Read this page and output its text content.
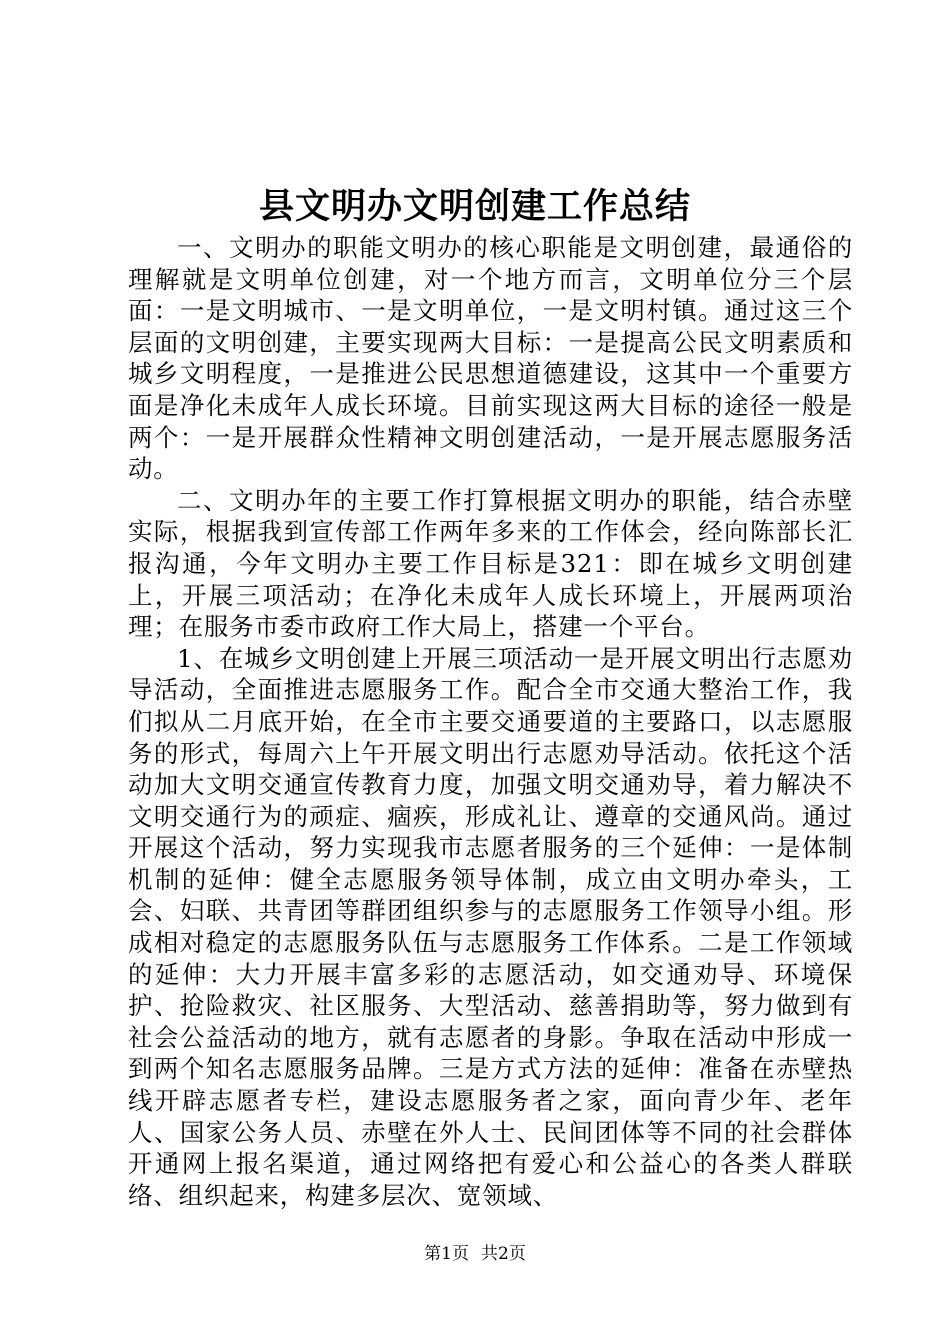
县文明办文明创建工作总结

一、文明办的职能文明办的核心职能是文明创建，最通俗的理解就是文明单位创建，对一个地方而言，文明单位分三个层面：一是文明城市、一是文明单位，一是文明村镇。通过这三个层面的文明创建，主要实现两大目标：一是提高公民文明素质和城乡文明程度，一是推进公民思想道德建设，这其中一个重要方面是净化未成年人成长环境。目前实现这两大目标的途径一般是两个：一是开展群众性精神文明创建活动，一是开展志愿服务活动。

二、文明办年的主要工作打算根据文明办的职能，结合赤壁实际，根据我到宣传部工作两年多来的工作体会，经向陈部长汇报沟通，今年文明办主要工作目标是321：即在城乡文明创建上，开展三项活动；在净化未成年人成长环境上，开展两项治理；在服务市委市政府工作大局上，搭建一个平台。

1、在城乡文明创建上开展三项活动一是开展文明出行志愿劝导活动，全面推进志愿服务工作。配合全市交通大整治工作，我们拟从二月底开始，在全市主要交通要道的主要路口，以志愿服务的形式，每周六上午开展文明出行志愿劝导活动。依托这个活动加大文明交通宣传教育力度，加强文明交通劝导，着力解决不文明交通行为的顽症、痼疾，形成礼让、遵章的交通风尚。通过开展这个活动，努力实现我市志愿者服务的三个延伸：一是体制机制的延伸：健全志愿服务领导体制，成立由文明办牵头，工会、妇联、共青团等群团组织参与的志愿服务工作领导小组。形成相对稳定的志愿服务队伍与志愿服务工作体系。二是工作领域的延伸：大力开展丰富多彩的志愿活动，如交通劝导、环境保护、抢险救灾、社区服务、大型活动、慈善捐助等，努力做到有社会公益活动的地方，就有志愿者的身影。争取在活动中形成一到两个知名志愿服务品牌。三是方式方法的延伸：准备在赤壁热线开辟志愿者专栏，建设志愿服务者之家，面向青少年、老年人、国家公务人员、赤壁在外人士、民间团体等不同的社会群体开通网上报名渠道，通过网络把有爱心和公益心的各类人群联络、组织起来，构建多层次、宽领域、

第1页 共2页
